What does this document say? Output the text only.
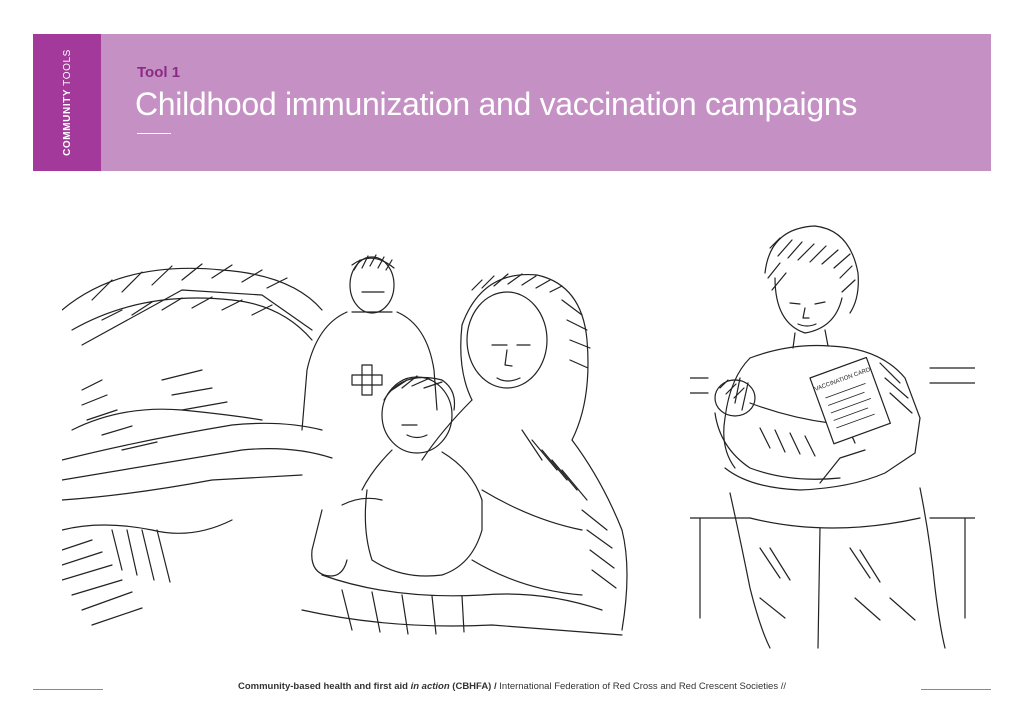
COMMUNITY
TOOLS	Tool 1
Childhood immunization and vaccination campaigns
VACCINATION CARD
Community-based health and first aid in action (CBHFA) / International Federation of Red Cross and Red Crescent Societies //
